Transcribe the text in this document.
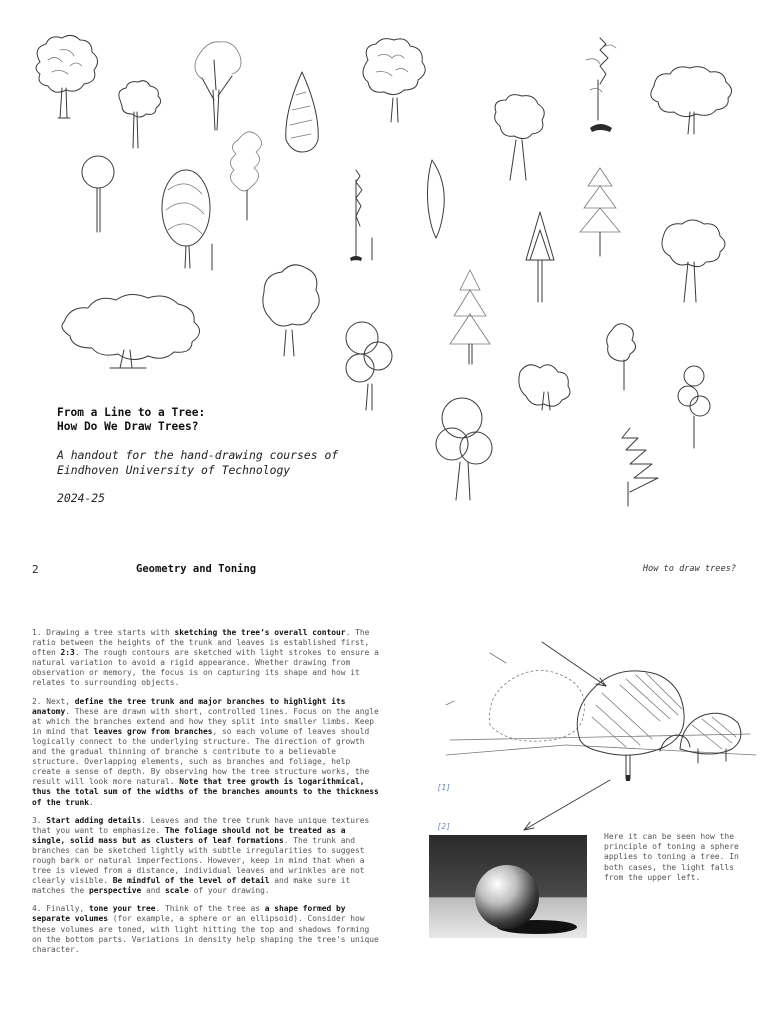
From a Line to a Tree:
How Do We Draw Trees?
A handout for the hand-drawing courses of
Eindhoven University of Technology
2024-25
2	Geometry and Toning	How to draw trees?

1. Drawing a tree starts with sketching the tree’s overall contour. The ratio between the heights of the trunk and leaves is established first, often 2:3. The rough contours are sketched with light strokes to ensure a natural variation to avoid a rigid appearance. Whether drawing from observation or memory, the focus is on capturing its shape and how it relates to surrounding objects.

2. Next, define the tree trunk and major branches to highlight its anatomy. These are drawn with short, controlled lines. Focus on the angle at which the branches extend and how they split into smaller limbs. Keep in mind that leaves grow from branches, so each volume of leaves should logically connect to the underlying structure. The direction of growth and the gradual thinning of branche s contribute to a believable structure. Overlapping elements, such as branches and foliage, help create a sense of depth. By observing how the tree structure works, the result will look more natural. Note that tree growth is logarithmical, thus the total sum of the widths of the branches amounts to the thickness of the trunk.

3. Start adding details. Leaves and the tree trunk have unique textures that you want to emphasize. The foliage should not be treated as a single, solid mass but as clusters of leaf formations. The trunk and branches can be sketched lightly with subtle irregularities to suggest rough bark or natural imperfections. However, keep in mind that when a tree is viewed from a distance, individual leaves and wrinkles are not clearly visible. Be mindful of the level of detail and make sure it matches the perspective and scale of your drawing.

4. Finally, tone your tree. Think of the tree as a shape formed by separate volumes (for example, a sphere or an ellipsoid). Consider how these volumes are toned, with light hitting the top and shadows forming on the bottom parts. Variations in density help shaping the tree's unique character.

[1]
[2]

Here it can be seen how the principle of toning a sphere applies to toning a tree. In both cases, the light falls from the upper left.
